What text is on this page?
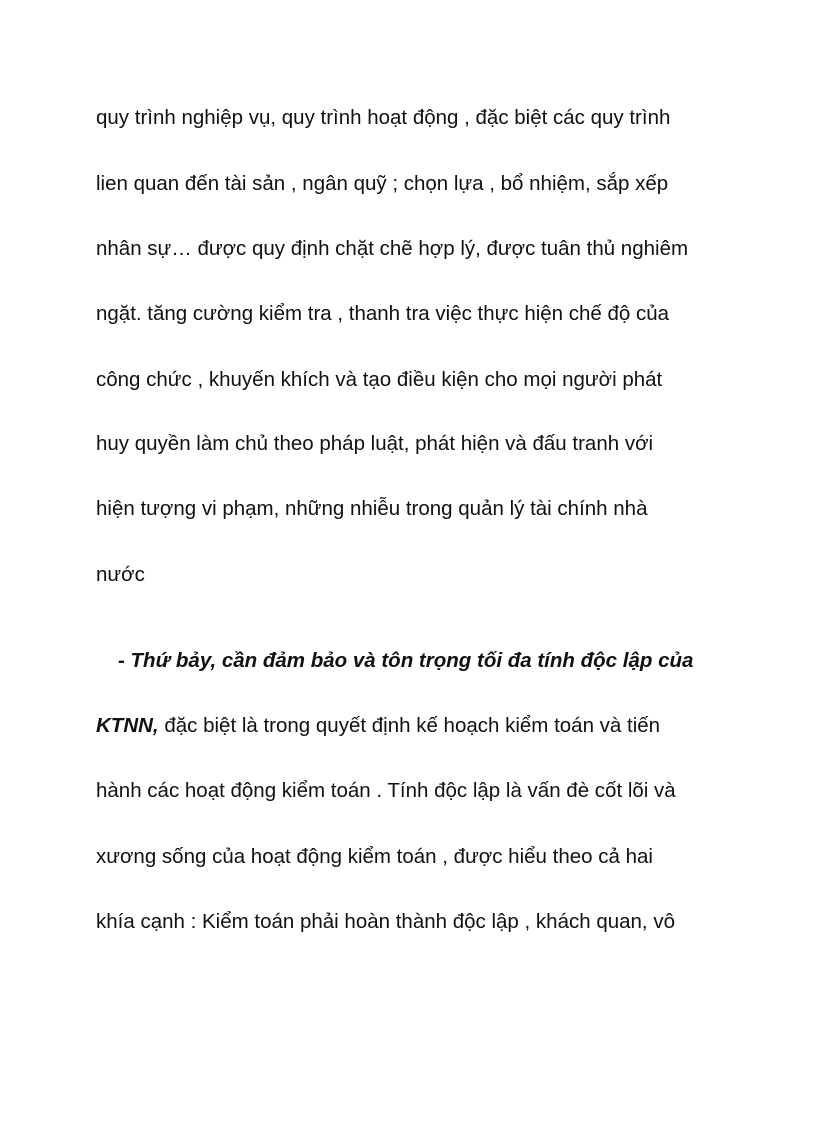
quy trình nghiệp vụ, quy trình hoạt động , đặc biệt các quy trình
lien quan đến tài sản , ngân quỹ ; chọn lựa , bổ nhiệm, sắp xếp
nhân sự… được quy định chặt chẽ hợp lý, được tuân thủ nghiêm
ngặt. tăng cường kiểm tra , thanh tra việc thực hiện chế độ của
công chức , khuyến khích và tạo điều kiện cho mọi người phát
huy quyền làm chủ theo pháp luật, phát hiện và đấu tranh với
hiện tượng vi phạm, những nhiễu trong quản lý tài chính nhà
nước
- Thứ bảy, cần đảm bảo và tôn trọng tối đa tính độc lập của
KTNN, đặc biệt là trong quyết định kế hoạch kiểm toán và tiến
hành các hoạt động kiểm toán . Tính độc lập là vấn đè cốt lõi và
xương sống của hoạt động kiểm toán , được hiểu theo cả hai
khía cạnh : Kiểm toán phải hoàn thành độc lập , khách quan, vô
